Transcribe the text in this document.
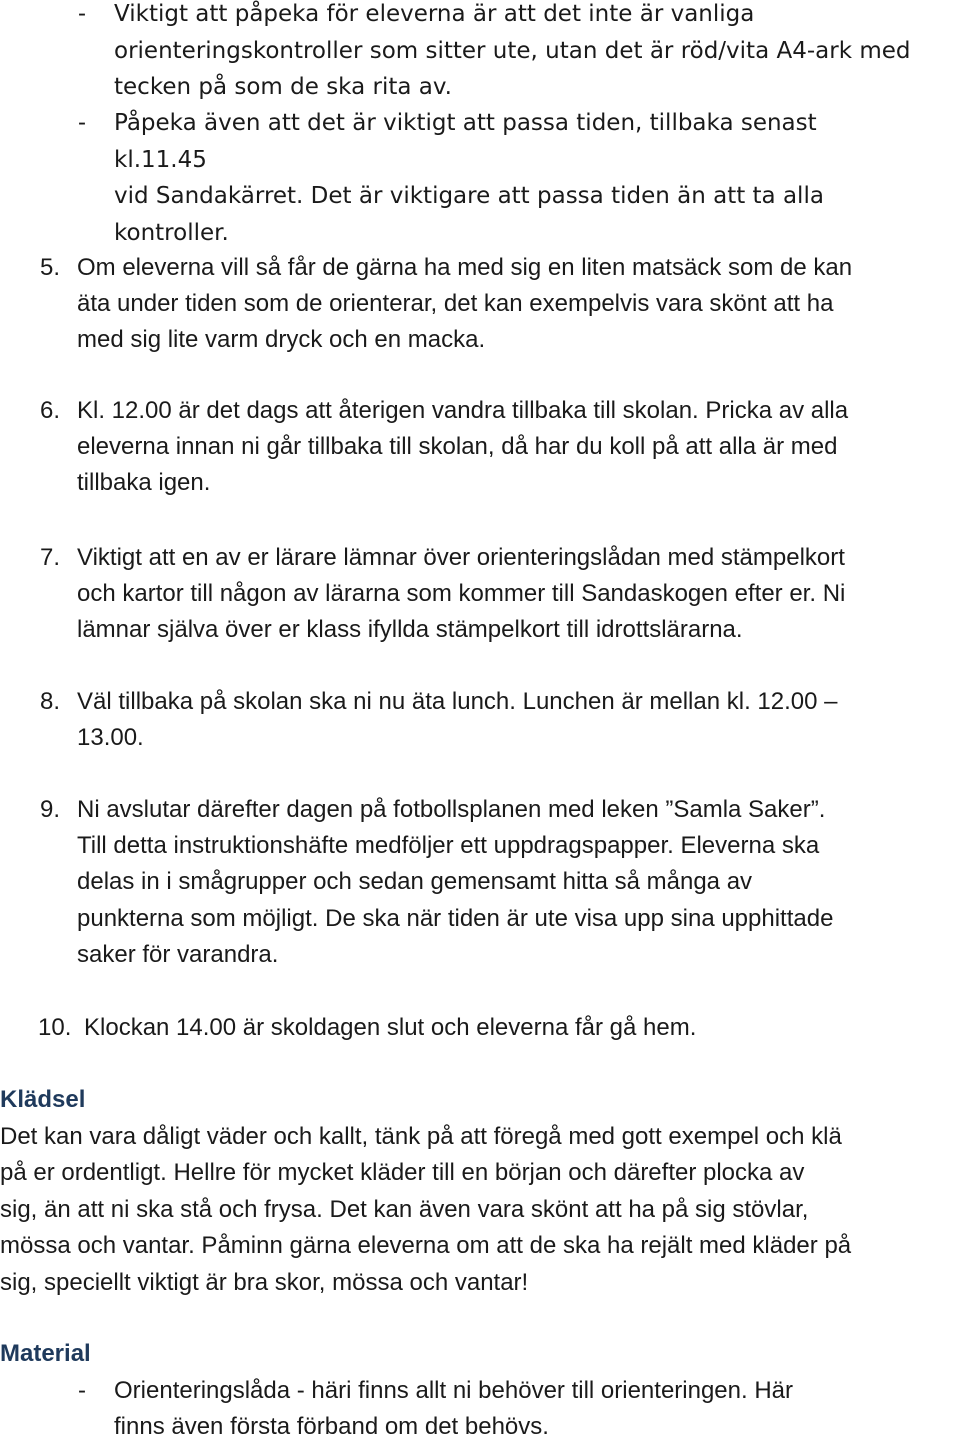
- Viktigt att påpeka för eleverna är att det inte är vanliga
orienteringskontroller som sitter ute, utan det är röd/vita A4-ark med
tecken på som de ska rita av.
- Påpeka även att det är viktigt att passa tiden, tillbaka senast kl.11.45
vid Sandakärret. Det är viktigare att passa tiden än att ta alla
kontroller.
5. Om eleverna vill så får de gärna ha med sig en liten matsäck som de kan
äta under tiden som de orienterar, det kan exempelvis vara skönt att ha
med sig lite varm dryck och en macka.
6. Kl. 12.00 är det dags att återigen vandra tillbaka till skolan. Pricka av alla
eleverna innan ni går tillbaka till skolan, då har du koll på att alla är med
tillbaka igen.
7. Viktigt att en av er lärare lämnar över orienteringslådan med stämpelkort
och kartor till någon av lärarna som kommer till Sandaskogen efter er. Ni
lämnar själva över er klass ifyllda stämpelkort till idrottslärarna.
8. Väl tillbaka på skolan ska ni nu äta lunch. Lunchen är mellan kl. 12.00 –
13.00.
9. Ni avslutar därefter dagen på fotbollsplanen med leken ”Samla Saker”.
Till detta instruktionshäfte medföljer ett uppdragspapper. Eleverna ska
delas in i smågrupper och sedan gemensamt hitta så många av
punkterna som möjligt. De ska när tiden är ute visa upp sina upphittade
saker för varandra.
10. Klockan 14.00 är skoldagen slut och eleverna får gå hem.
Klädsel
Det kan vara dåligt väder och kallt, tänk på att föregå med gott exempel och klä
på er ordentligt. Hellre för mycket kläder till en början och därefter plocka av
sig, än att ni ska stå och frysa. Det kan även vara skönt att ha på sig stövlar,
mössa och vantar. Påminn gärna eleverna om att de ska ha rejält med kläder på
sig, speciellt viktigt är bra skor, mössa och vantar!
Material
- Orienteringslåda - häri finns allt ni behöver till orienteringen. Här
finns även första förband om det behövs.
